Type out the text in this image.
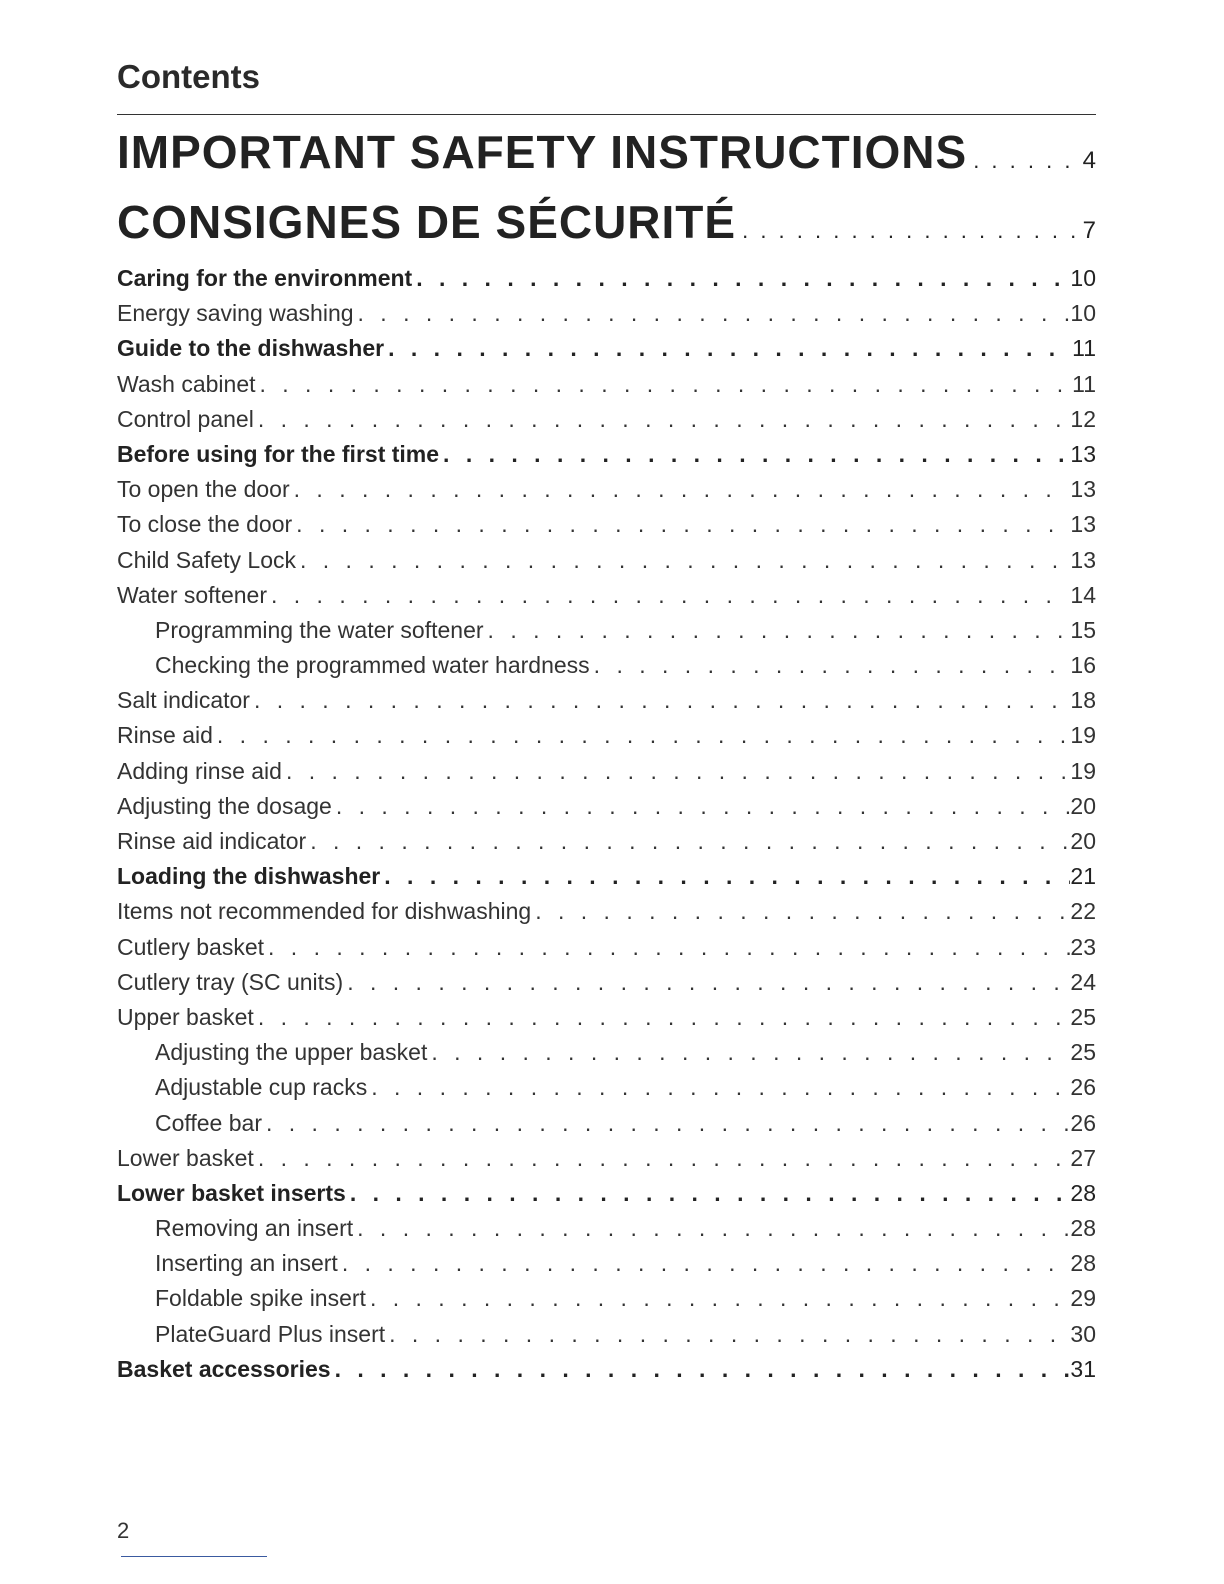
Contents
IMPORTANT SAFETY INSTRUCTIONS . . .	4
CONSIGNES DE SÉCURITÉ . . .	7
Caring for the environment . . .	10
Energy saving washing . . .	10
Guide to the dishwasher . . .	11
Wash cabinet . . .	11
Control panel . . .	12
Before using for the first time . . .	13
To open the door . . .	13
To close the door . . .	13
Child Safety Lock . . .	13
Water softener . . .	14
Programming the water softener . . .	15
Checking the programmed water hardness . . .	16
Salt indicator . . .	18
Rinse aid . . .	19
Adding rinse aid . . .	19
Adjusting the dosage . . .	20
Rinse aid indicator . . .	20
Loading the dishwasher . . .	21
Items not recommended for dishwashing . . .	22
Cutlery basket . . .	23
Cutlery tray (SC units) . . .	24
Upper basket . . .	25
Adjusting the upper basket . . .	25
Adjustable cup racks . . .	26
Coffee bar . . .	26
Lower basket . . .	27
Lower basket inserts . . .	28
Removing an insert . . .	28
Inserting an insert . . .	28
Foldable spike insert . . .	29
PlateGuard Plus insert . . .	30
Basket accessories . . .	31
2
